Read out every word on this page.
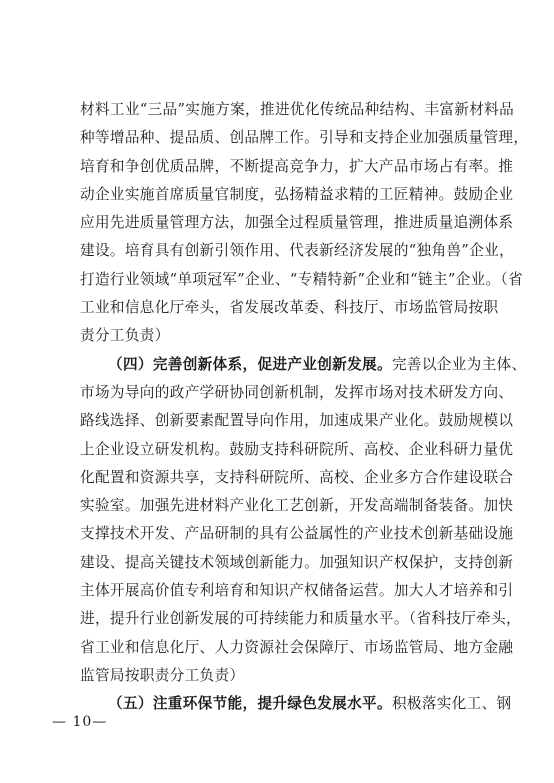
材料工业“三品”实施方案，推进优化传统品种结构、丰富新材料品
种等增品种、提品质、创品牌工作。引导和支持企业加强质量管理，
培育和争创优质品牌，不断提高竞争力，扩大产品市场占有率。推
动企业实施首席质量官制度，弘扬精益求精的工匠精神。鼓励企业
应用先进质量管理方法，加强全过程质量管理，推进质量追溯体系
建设。培育具有创新引领作用、代表新经济发展的“独角兽”企业，
打造行业领域“单项冠军”企业、“专精特新”企业和“链主”企业。（省
工业和信息化厅牵头，省发展改革委、科技厅、市场监管局按职
责分工负责）
（四）完善创新体系，促进产业创新发展。完善以企业为主体、
市场为导向的政产学研协同创新机制，发挥市场对技术研发方向、
路线选择、创新要素配置导向作用，加速成果产业化。鼓励规模以
上企业设立研发机构。鼓励支持科研院所、高校、企业科研力量优
化配置和资源共享，支持科研院所、高校、企业多方合作建设联合
实验室。加强先进材料产业化工艺创新，开发高端制备装备。加快
支撑技术开发、产品研制的具有公益属性的产业技术创新基础设施
建设、提高关键技术领域创新能力。加强知识产权保护，支持创新
主体开展高价值专利培育和知识产权储备运营。加大人才培养和引
进，提升行业创新发展的可持续能力和质量水平。（省科技厅牵头，
省工业和信息化厅、人力资源社会保障厅、市场监管局、地方金融
监管局按职责分工负责）
（五）注重环保节能，提升绿色发展水平。积极落实化工、钢
— 10—
